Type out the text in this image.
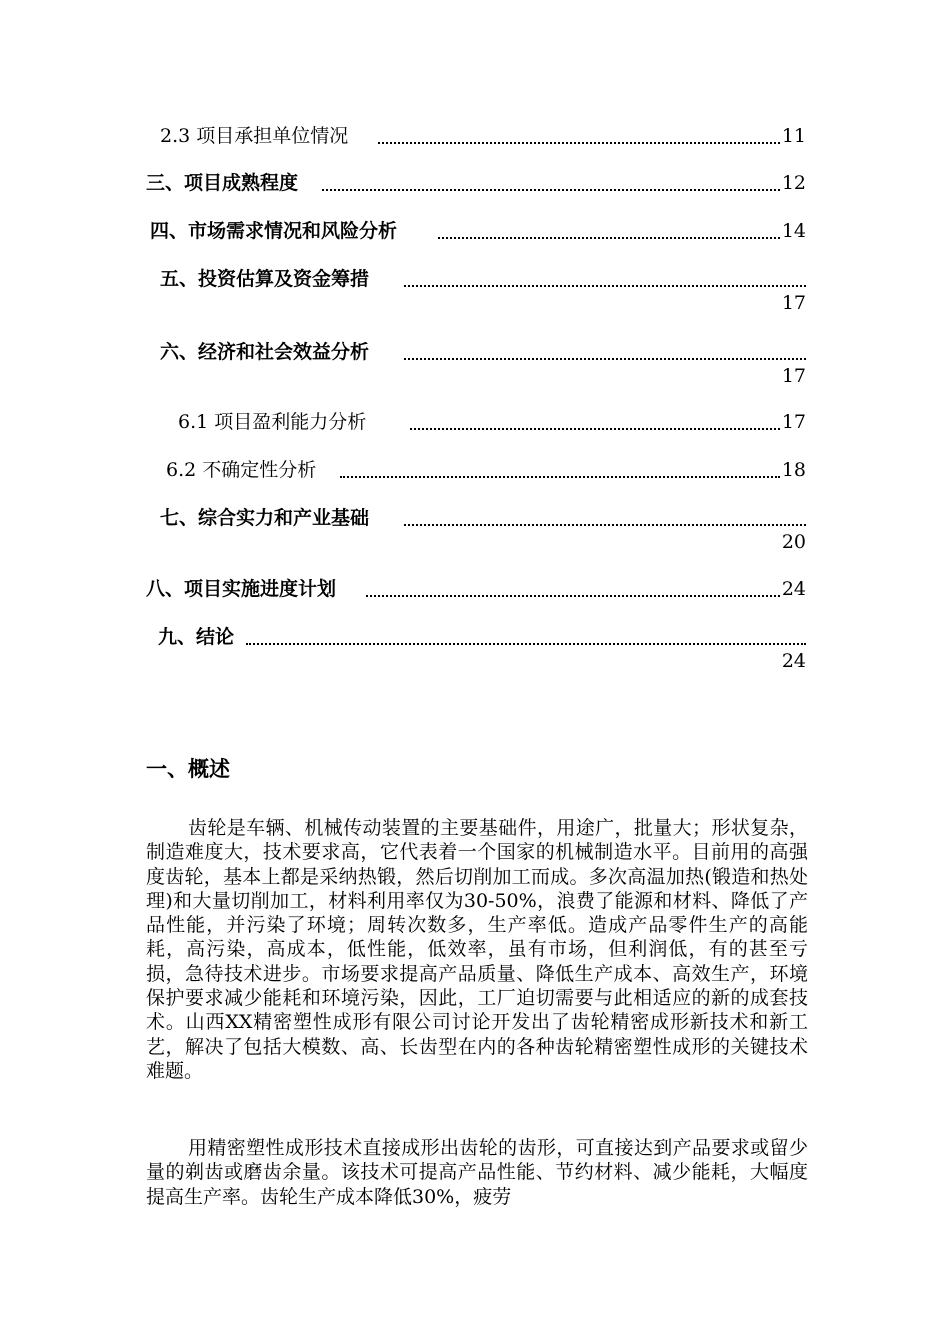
2.3 项目承担单位情况	11
三、项目成熟程度	12
四、市场需求情况和风险分析	14
五、投资估算及资金筹措
17
六、经济和社会效益分析
17
6.1 项目盈利能力分析	17
6.2 不确定性分析	18
七、综合实力和产业基础
20
八、项目实施进度计划	24
九、结论
24
一、概述

齿轮是车辆、机械传动装置的主要基础件，用途广，批量大；形状复杂，制造难度大，技术要求高，它代表着一个国家的机械制造水平。目前用的高强度齿轮，基本上都是采纳热锻，然后切削加工而成。多次高温加热(锻造和热处理)和大量切削加工，材料利用率仅为30-50%，浪费了能源和材料、降低了产品性能，并污染了环境；周转次数多，生产率低。造成产品零件生产的高能耗，高污染，高成本，低性能，低效率，虽有市场，但利润低，有的甚至亏损，急待技术进步。市场要求提高产品质量、降低生产成本、高效生产，环境保护要求减少能耗和环境污染，因此，工厂迫切需要与此相适应的新的成套技术。山西XX精密塑性成形有限公司讨论开发出了齿轮精密成形新技术和新工艺，解决了包括大模数、高、长齿型在内的各种齿轮精密塑性成形的关键技术难题。

用精密塑性成形技术直接成形出齿轮的齿形，可直接达到产品要求或留少量的剃齿或磨齿余量。该技术可提高产品性能、节约材料、减少能耗，大幅度提高生产率。齿轮生产成本降低30%，疲劳
